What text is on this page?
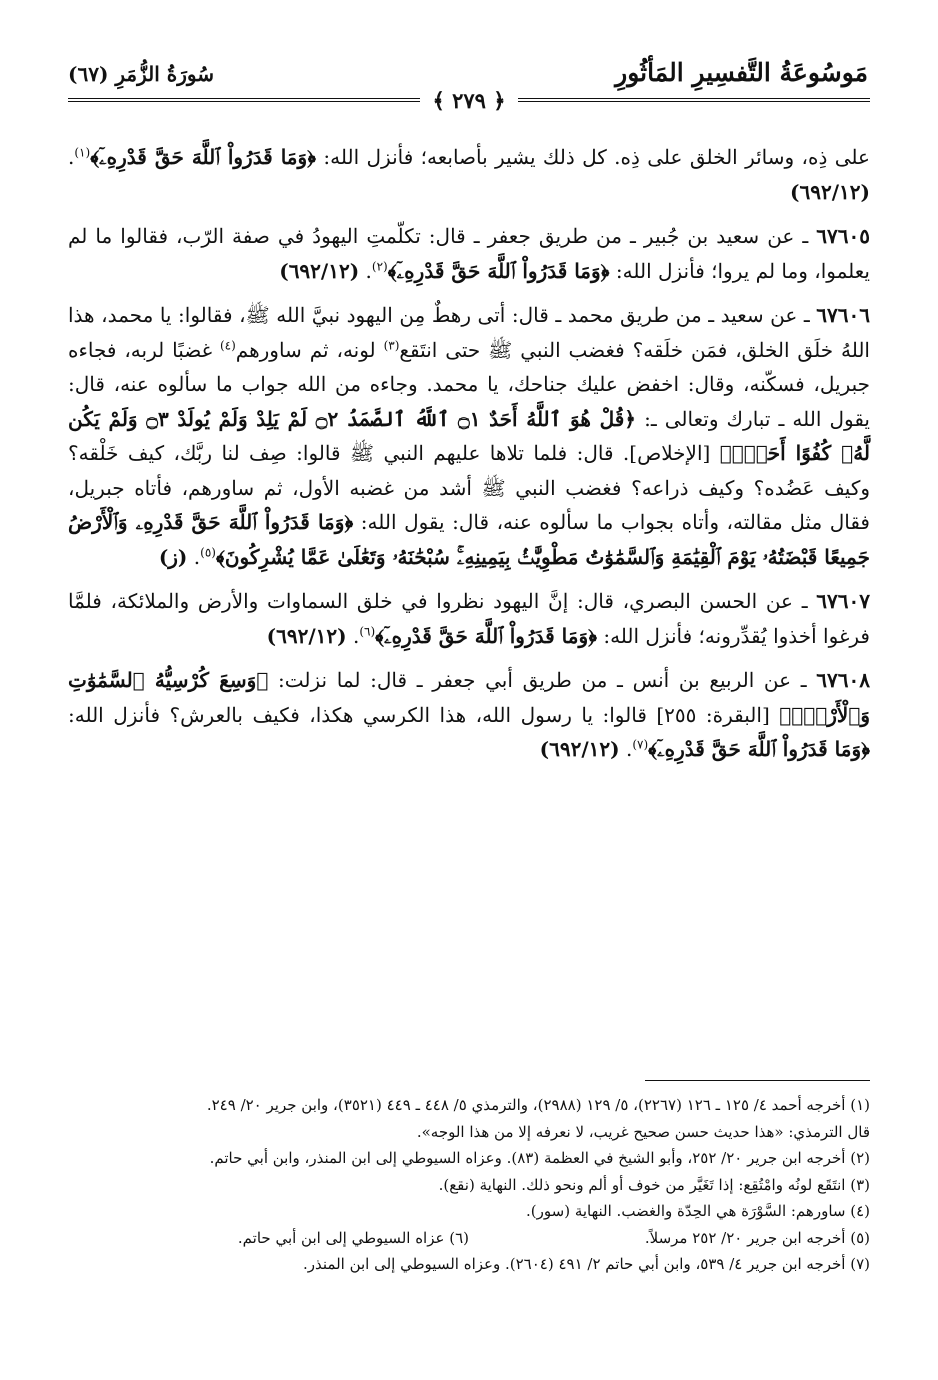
مَوسُوعَةُ التَّفسِيرِ المَأثُورِ
سُورَةُ الزُّمَرِ (٦٧)
﴿ ٢٧٩ ﴾

على ذِه، وسائر الخلق على ذِه. كل ذلك يشير بأصابعه؛ فأنزل الله: ﴿وَمَا قَدَرُواْ ٱللَّهَ حَقَّ قَدْرِهِۦٓ﴾$^{(١)}$. (٦٩٢/١٢)

٦٧٦٠٥ ـ عن سعيد بن جُبير ـ من طريق جعفر ـ قال: تكلّمتِ اليهودُ في صفة الرّب، فقالوا ما لم يعلموا، وما لم يروا؛ فأنزل الله: ﴿وَمَا قَدَرُواْ ٱللَّهَ حَقَّ قَدْرِهِۦٓ﴾$^{(٢)}$. (٦٩٢/١٢)

٦٧٦٠٦ ـ عن سعيد ـ من طريق محمد ـ قال: أتى رهطٌ مِن اليهود نبيَّ الله ﷺ، فقالوا: يا محمد، هذا اللهُ خلَق الخلق، فمَن خلَقه؟ فغضب النبي ﷺ حتى انتَقع$^{(٣)}$ لونه، ثم ساورهم$^{(٤)}$ غضبًا لربه، فجاءه جبريل، فسكّنه، وقال: اخفض عليك جناحك، يا محمد. وجاءه من الله جواب ما سألوه عنه، قال: يقول الله ـ تبارك وتعالى ـ: ﴿قُلْ هُوَ ٱللَّهُ أَحَدٌ ۝١ ٱللَّهُ ٱلصَّمَدُ ۝٢ لَمْ يَلِدْ وَلَمْ يُولَدْ ۝٣ وَلَمْ يَكُن لَّهُۥ كُفُوًا أَحَدٌۢ﴾ [الإخلاص]. قال: فلما تلاها عليهم النبي ﷺ قالوا: صِف لنا ربَّك، كيف خَلْقه؟ وكيف عَضُده؟ وكيف ذراعه؟ فغضب النبي ﷺ أشد من غضبه الأول، ثم ساورهم، فأتاه جبريل، فقال مثل مقالته، وأتاه بجواب ما سألوه عنه، قال: يقول الله: ﴿وَمَا قَدَرُواْ ٱللَّهَ حَقَّ قَدْرِهِۦ وَٱلْأَرْضُ جَمِيعًا قَبْضَتُهُۥ يَوْمَ ٱلْقِيَٰمَةِ وَٱلسَّمَٰوَٰتُ مَطْوِيَّٰتُۢ بِيَمِينِهِۦۚ سُبْحَٰنَهُۥ وَتَعَٰلَىٰ عَمَّا يُشْرِكُونَ﴾$^{(٥)}$. (ز)

٦٧٦٠٧ ـ عن الحسن البصري، قال: إنَّ اليهود نظروا في خلق السماوات والأرض والملائكة، فلمَّا فرغوا أخذوا يُقدِّرونه؛ فأنزل الله: ﴿وَمَا قَدَرُواْ ٱللَّهَ حَقَّ قَدْرِهِۦٓ﴾$^{(٦)}$. (٦٩٢/١٢)

٦٧٦٠٨ ـ عن الربيع بن أنس ـ من طريق أبي جعفر ـ قال: لما نزلت: ﴿وَسِعَ كُرْسِيُّهُ ٱلسَّمَٰوَٰتِ وَٱلْأَرْضَۖ﴾ [البقرة: ٢٥٥] قالوا: يا رسول الله، هذا الكرسي هكذا، فكيف بالعرش؟ فأنزل الله: ﴿وَمَا قَدَرُواْ ٱللَّهَ حَقَّ قَدْرِهِۦٓ﴾$^{(٧)}$. (٦٩٢/١٢)

(١) أخرجه أحمد ٤/ ١٢٥ ـ ١٢٦ (٢٢٦٧)، ٥/ ١٢٩ (٢٩٨٨)، والترمذي ٥/ ٤٤٨ ـ ٤٤٩ (٣٥٢١)، وابن جرير ٢٠/ ٢٤٩.

قال الترمذي: «هذا حديث حسن صحيح غريب، لا نعرفه إلا من هذا الوجه».

(٢) أخرجه ابن جرير ٢٠/ ٢٥٢، وأبو الشيخ في العظمة (٨٣). وعزاه السيوطي إلى ابن المنذر، وابن أبي حاتم.

(٣) انتَقَع لونُه وامْتُقِع: إذا تَغَيَّر من خوف أو ألم ونحو ذلك. النهاية (نقع).

(٤) ساورهم: السَّوْرَة هي الحِدّة والغضب. النهاية (سور).

(٥) أخرجه ابن جرير ٢٠/ ٢٥٢ مرسلاً.

(٦) عزاه السيوطي إلى ابن أبي حاتم.

(٧) أخرجه ابن جرير ٤/ ٥٣٩، وابن أبي حاتم ٢/ ٤٩١ (٢٦٠٤). وعزاه السيوطي إلى ابن المنذر.
